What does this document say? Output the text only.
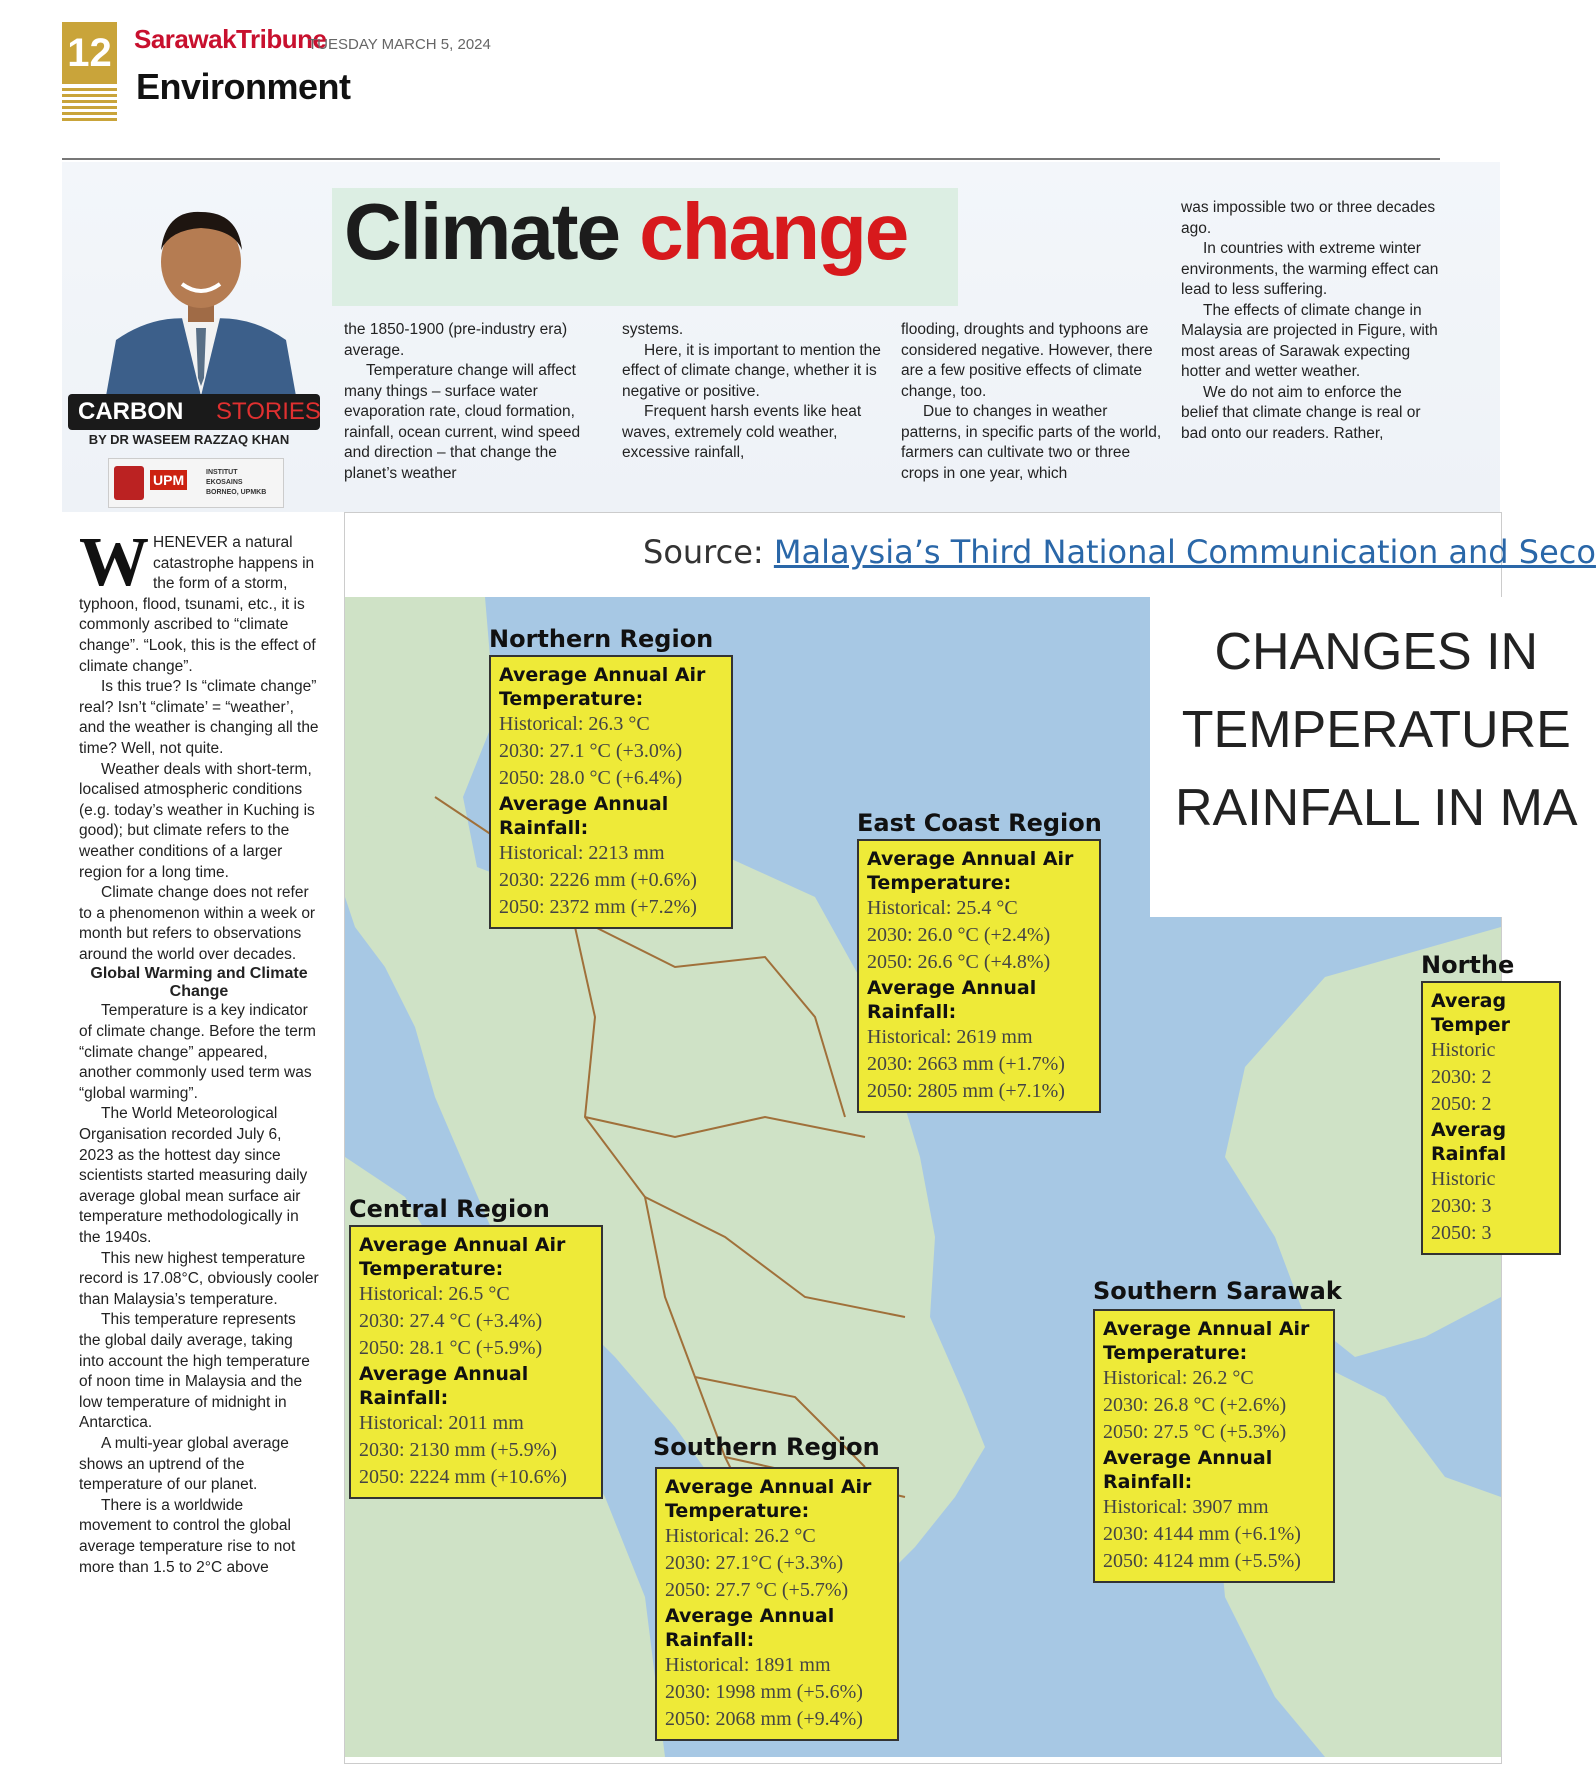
12 SarawakTribune
TUESDAY MARCH 5, 2024
Environment
Climate change
CARBON STORIES
BY DR WASEEM RAZZAQ KHAN
UPM	INSTITUT EKOSAINS BORNEO, UPMKB

the 1850-1900 (pre-industry era) average.

Temperature change will affect many things – surface water evaporation rate, cloud formation, rainfall, ocean current, wind speed and direction – that change the planet’s weather

systems.

Here, it is important to mention the effect of climate change, whether it is negative or positive.

Frequent harsh events like heat waves, extremely cold weather, excessive rainfall,

flooding, droughts and typhoons are considered negative. However, there are a few positive effects of climate change, too.

Due to changes in weather patterns, in specific parts of the world, farmers can cultivate two or three crops in one year, which

was impossible two or three decades ago.

In countries with extreme winter environments, the warming effect can lead to less suffering.

The effects of climate change in Malaysia are projected in Figure, with most areas of Sarawak expecting hotter and wetter weather.

We do not aim to enforce the belief that climate change is real or bad onto our readers. Rather,

WHENEVER a natural catastrophe happens in the form of a storm, typhoon, flood, tsunami, etc., it is commonly ascribed to “climate change”. “Look, this is the effect of climate change”.

Is this true? Is “climate change” real? Isn’t “climate’ = “weather’, and the weather is changing all the time? Well, not quite.

Weather deals with short-term, localised atmospheric conditions (e.g. today’s weather in Kuching is good); but climate refers to the weather conditions of a larger region for a long time.

Climate change does not refer to a phenomenon within a week or month but refers to observations around the world over decades.

Global Warming and Climate Change

Temperature is a key indicator of climate change. Before the term “climate change” appeared, another commonly used term was “global warming”.

The World Meteorological Organisation recorded July 6, 2023 as the hottest day since scientists started measuring daily average global mean surface air temperature methodologically in the 1940s.

This new highest temperature record is 17.08°C, obviously cooler than Malaysia’s temperature.

This temperature represents the global daily average, taking into account the high temperature of noon time in Malaysia and the low temperature of midnight in Antarctica.

A multi-year global average shows an uptrend of the temperature of our planet.

There is a worldwide movement to control the global average temperature rise to not more than 1.5 to 2°C above

Source: Malaysia’s Third National Communication and Seco
CHANGES IN
TEMPERATURE
RAINFALL IN MA
Northern Region
Average Annual Air Temperature:
Historical: 26.3 °C
2030: 27.1 °C (+3.0%)
2050: 28.0 °C (+6.4%)
Average Annual Rainfall:
Historical: 2213 mm
2030: 2226 mm (+0.6%)
2050: 2372 mm (+7.2%)
East Coast Region
Average Annual Air Temperature:
Historical: 25.4 °C
2030: 26.0 °C (+2.4%)
2050: 26.6 °C (+4.8%)
Average Annual Rainfall:
Historical: 2619 mm
2030: 2663 mm (+1.7%)
2050: 2805 mm (+7.1%)
Central Region
Average Annual Air Temperature:
Historical: 26.5 °C
2030: 27.4 °C (+3.4%)
2050: 28.1 °C (+5.9%)
Average Annual Rainfall:
Historical: 2011 mm
2030: 2130 mm (+5.9%)
2050: 2224 mm (+10.6%)
Southern Region
Average Annual Air Temperature:
Historical: 26.2 °C
2030: 27.1°C (+3.3%)
2050: 27.7 °C (+5.7%)
Average Annual Rainfall:
Historical: 1891 mm
2030: 1998 mm (+5.6%)
2050: 2068 mm (+9.4%)
Southern Sarawak
Average Annual Air Temperature:
Historical: 26.2 °C
2030: 26.8 °C (+2.6%)
2050: 27.5 °C (+5.3%)
Average Annual Rainfall:
Historical: 3907 mm
2030: 4144 mm (+6.1%)
2050: 4124 mm (+5.5%)
Northe
Averag
Temper
Historic
2030: 2
2050: 2
Averag
Rainfal
Historic
2030: 3
2050: 3
